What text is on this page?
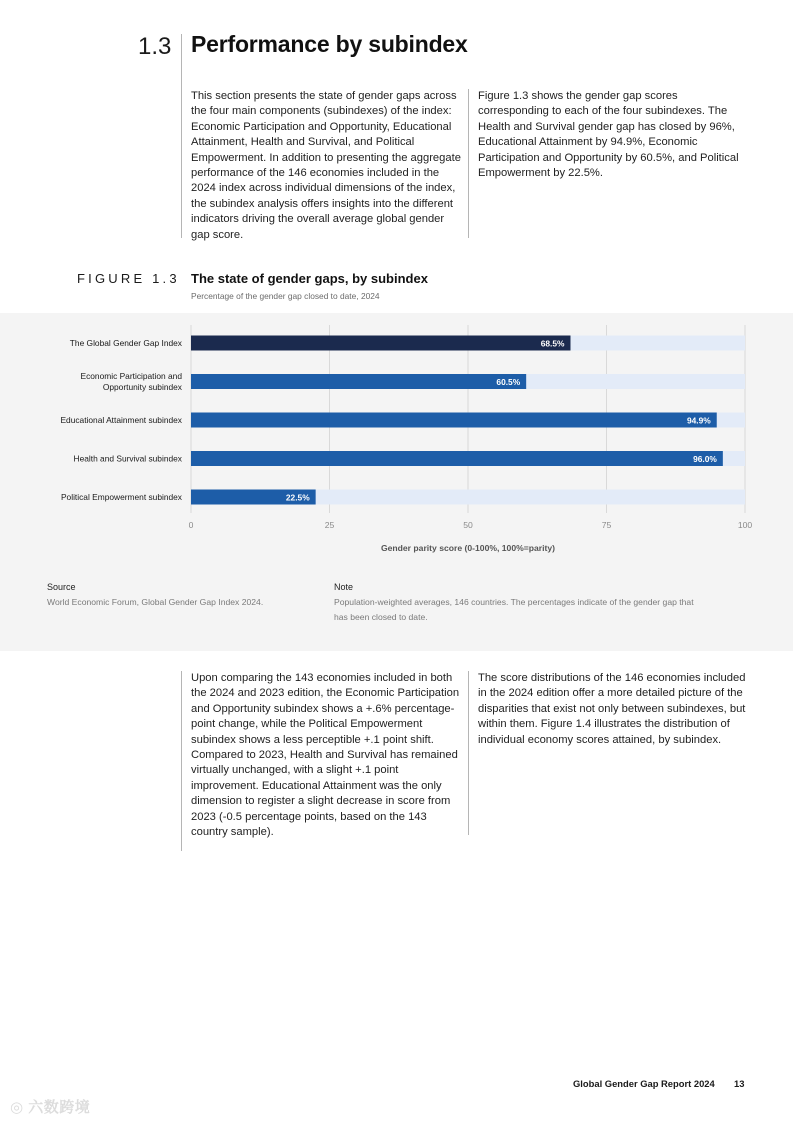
1.3 Performance by subindex

This section presents the state of gender gaps across the four main components (subindexes) of the index: Economic Participation and Opportunity, Educational Attainment, Health and Survival, and Political Empowerment. In addition to presenting the aggregate performance of the 146 economies included in the 2024 index across individual dimensions of the index, the subindex analysis offers insights into the different indicators driving the overall average global gender gap score.

Figure 1.3 shows the gender gap scores corresponding to each of the four subindexes. The Health and Survival gender gap has closed by 96%, Educational Attainment by 94.9%, Economic Participation and Opportunity by 60.5%, and Political Empowerment by 22.5%.

FIGURE 1.3 The state of gender gaps, by subindex
Percentage of the gender gap closed to date, 2024
68.5%
The Global Gender Gap Index
60.5%
Economic Participation and
Opportunity subindex
94.9%
Educational Attainment subindex
96.0%
Health and Survival subindex
22.5%
Political Empowerment subindex
0	25	50	75	100
Gender parity score (0-100%, 100%=parity)
Source
World Economic Forum, Global Gender Gap Index 2024.
Note
Population-weighted averages, 146 countries. The percentages indicate of the gender gap that
has been closed to date.

Upon comparing the 143 economies included in both the 2024 and 2023 edition, the Economic Participation and Opportunity subindex shows a +.6% percentage-point change, while the Political Empowerment subindex shows a less perceptible +.1 point shift. Compared to 2023, Health and Survival has remained virtually unchanged, with a slight +.1 point improvement. Educational Attainment was the only dimension to register a slight decrease in score from 2023 (-0.5 percentage points, based on the 143 country sample).

The score distributions of the 146 economies included in the 2024 edition offer a more detailed picture of the disparities that exist not only between subindexes, but within them. Figure 1.4 illustrates the distribution of individual economy scores attained, by subindex.

Global Gender Gap Report 2024 13
◎ 六数跨境
